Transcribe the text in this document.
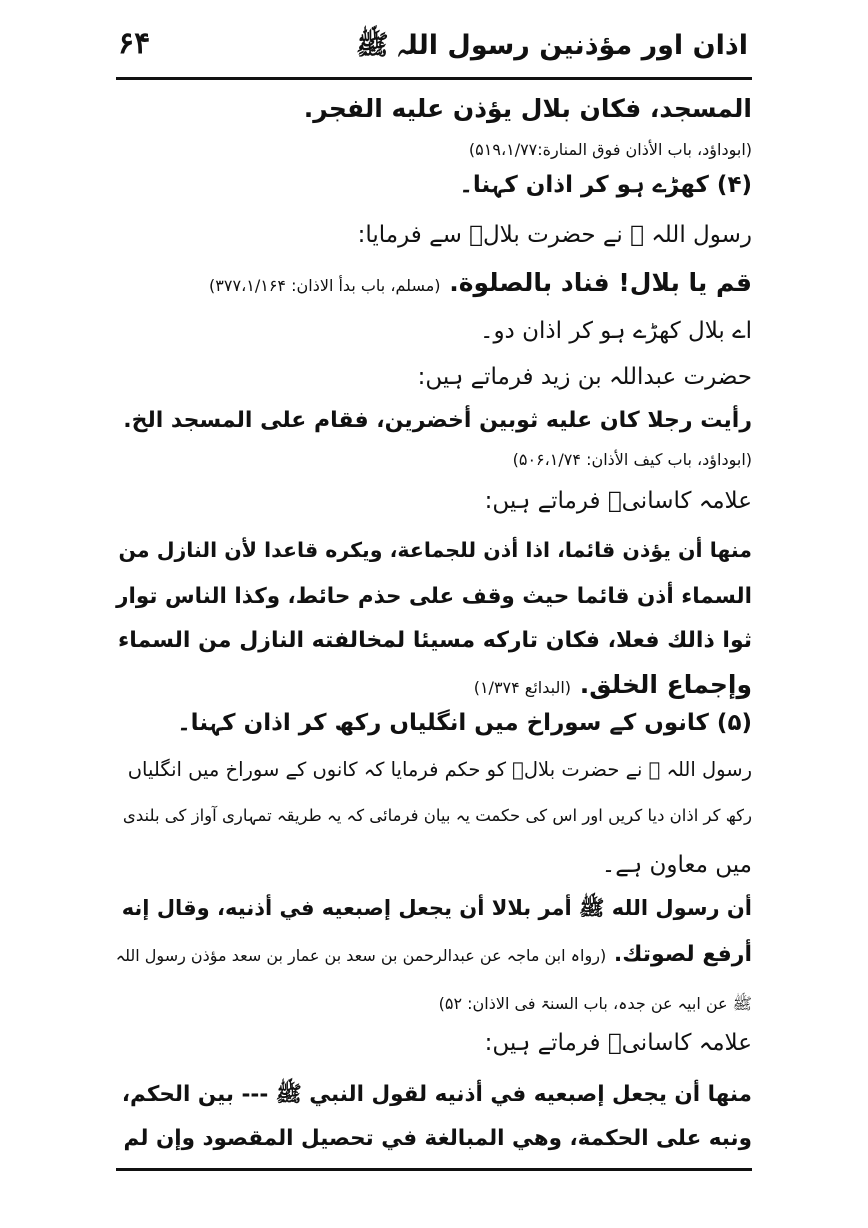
اذان اور مؤذنین رسول اللہ ﷺ
۶۴
المسجد، فکان بلال يؤذن عليه الفجر.
(ابوداؤد، باب الأذان فوق المنارة:۵۱۹،۱/۷۷)
(۴) کھڑے ہو کر اذان کہنا۔
رسول اللہ ﷺ نے حضرت بلالؓ سے فرمایا:
قم يا بلال! فناد بالصلوة. (مسلم، باب بدأ الاذان: ۳۷۷،۱/۱۶۴)
اے بلال کھڑے ہو کر اذان دو۔
حضرت عبداللہ بن زید فرماتے ہیں:
رأيت رجلا كان عليه ثوبين أخضرين، فقام على المسجد الخ.
(ابوداؤد، باب كيف الأذان: ۵۰۶،۱/۷۴)
علامہ کاسانیؒ فرماتے ہیں:
منها أن يؤذن قائما، اذا أذن للجماعة، ويكره قاعدا لأن النازل من
السماء أذن قائما حيث وقف على حذم حائط، وكذا الناس توار
ثوا ذالك فعلا، فكان تاركه مسيئا لمخالفته النازل من السماء
وإجماع الخلق. (البدائع ۱/۳۷۴)
(۵) کانوں کے سوراخ میں انگلیاں رکھ کر اذان کہنا۔
رسول اللہ ﷺ نے حضرت بلالؓ کو حکم فرمایا کہ کانوں کے سوراخ میں انگلیاں
رکھ کر اذان دیا کریں اور اس کی حکمت یہ بیان فرمائی کہ یہ طریقہ تمہاری آواز کی بلندی
میں معاون ہے۔
أن رسول الله ﷺ أمر بلالا أن يجعل إصبعيه في أذنيه، وقال إنه
أرفع لصوتك. (رواہ ابن ماجہ عن عبدالرحمن بن سعد بن عمار بن سعد مؤذن رسول اللہ
ﷺ عن ابیہ عن جدہ، باب السنۃ فی الاذان: ۵۲)
علامہ کاسانیؒ فرماتے ہیں:
منها أن يجعل إصبعيه في أذنيه لقول النبي ﷺ --- بين الحكم،
ونبه على الحكمة، وهي المبالغة في تحصيل المقصود وإن لم
